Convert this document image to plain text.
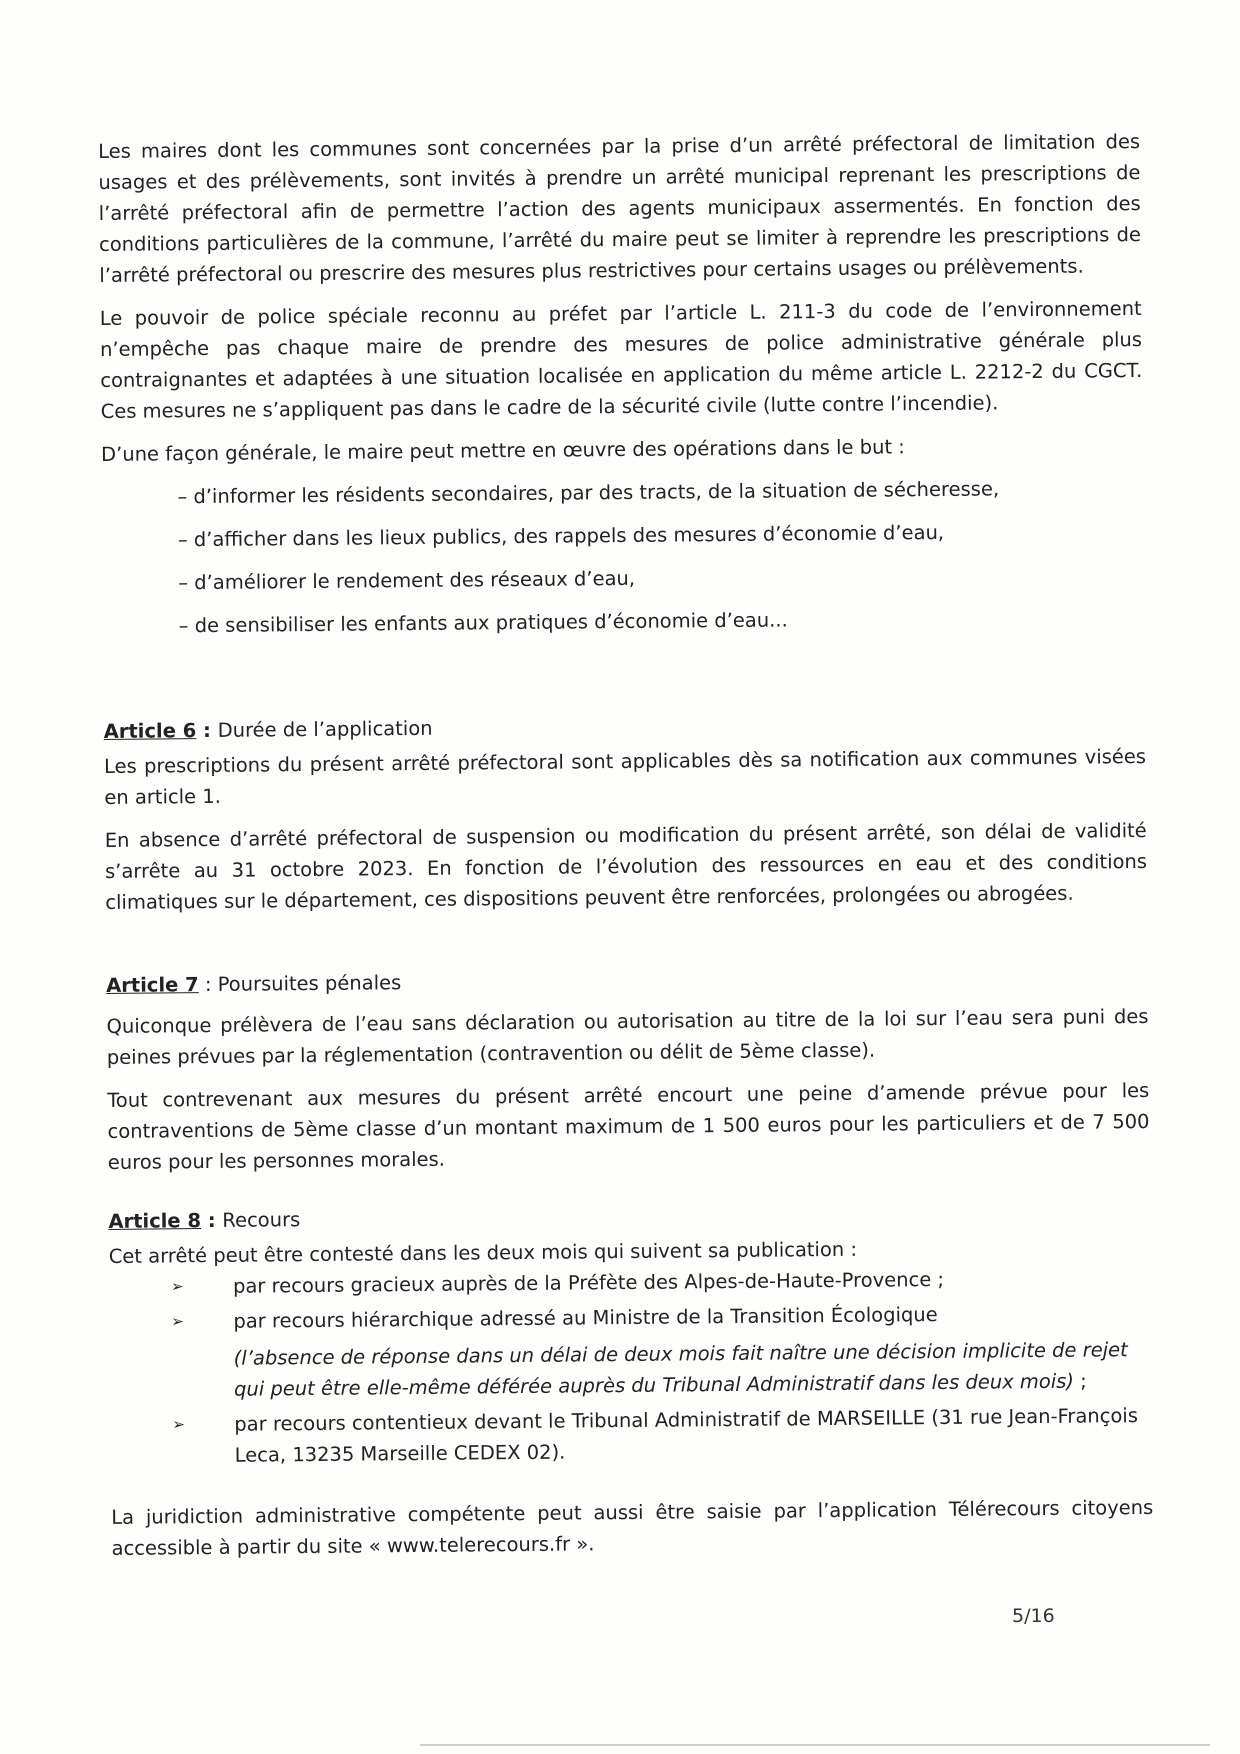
Les maires dont les communes sont concernées par la prise d’un arrêté préfectoral de limitation des usages et des prélèvements, sont invités à prendre un arrêté municipal reprenant les prescriptions de l’arrêté préfectoral afin de permettre l’action des agents municipaux assermentés. En fonction des conditions particulières de la commune, l’arrêté du maire peut se limiter à reprendre les prescriptions de l’arrêté préfectoral ou prescrire des mesures plus restrictives pour certains usages ou prélèvements.

Le pouvoir de police spéciale reconnu au préfet par l’article L. 211-3 du code de l’environnement n’empêche pas chaque maire de prendre des mesures de police administrative générale plus contraignantes et adaptées à une situation localisée en application du même article L. 2212-2 du CGCT. Ces mesures ne s’appliquent pas dans le cadre de la sécurité civile (lutte contre l’incendie).

D’une façon générale, le maire peut mettre en œuvre des opérations dans le but :

– d’informer les résidents secondaires, par des tracts, de la situation de sécheresse,
– d’afficher dans les lieux publics, des rappels des mesures d’économie d’eau,
– d’améliorer le rendement des réseaux d’eau,
– de sensibiliser les enfants aux pratiques d’économie d’eau...

Article 6 : Durée de l’application

Les prescriptions du présent arrêté préfectoral sont applicables dès sa notification aux communes visées en article 1.

En absence d’arrêté préfectoral de suspension ou modification du présent arrêté, son délai de validité s’arrête au 31 octobre 2023. En fonction de l’évolution des ressources en eau et des conditions climatiques sur le département, ces dispositions peuvent être renforcées, prolongées ou abrogées.

Article 7 : Poursuites pénales

Quiconque prélèvera de l’eau sans déclaration ou autorisation au titre de la loi sur l’eau sera puni des peines prévues par la réglementation (contravention ou délit de 5ème classe).

Tout contrevenant aux mesures du présent arrêté encourt une peine d’amende prévue pour les contraventions de 5ème classe d’un montant maximum de 1 500 euros pour les particuliers et de 7 500 euros pour les personnes morales.

Article 8 : Recours

Cet arrêté peut être contesté dans les deux mois qui suivent sa publication :

➢	par recours gracieux auprès de la Préfète des Alpes-de-Haute-Provence ;
➢	par recours hiérarchique adressé au Ministre de la Transition Écologique
(l’absence de réponse dans un délai de deux mois fait naître une décision implicite de rejet qui peut être elle-même déférée auprès du Tribunal Administratif dans les deux mois) ;
➢	par recours contentieux devant le Tribunal Administratif de MARSEILLE (31 rue Jean-François Leca, 13235 Marseille CEDEX 02).

La juridiction administrative compétente peut aussi être saisie par l’application Télérecours citoyens accessible à partir du site « www.telerecours.fr ».

5/16
